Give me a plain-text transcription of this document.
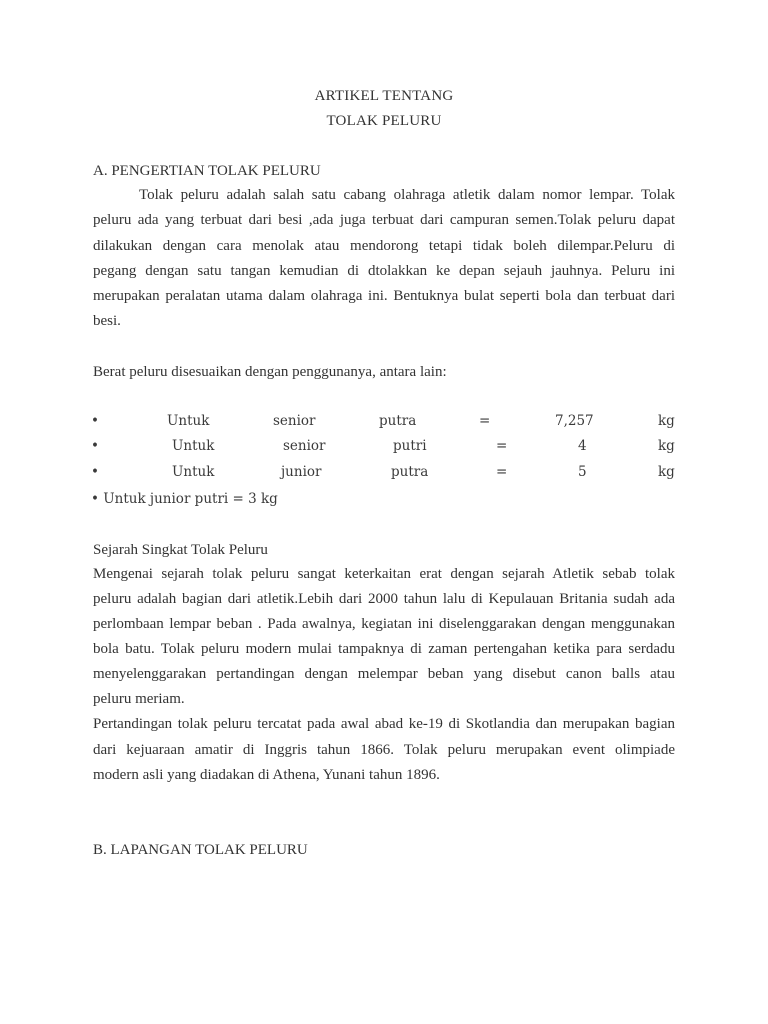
ARTIKEL TENTANG
TOLAK PELURU
A. PENGERTIAN TOLAK PELURU
Tolak peluru adalah salah satu cabang olahraga atletik dalam nomor lempar. Tolak
peluru ada yang terbuat dari besi ,ada juga terbuat dari campuran semen.Tolak peluru dapat
dilakukan dengan cara menolak atau mendorong tetapi tidak boleh dilempar.Peluru di
pegang dengan satu tangan kemudian di dtolakkan ke depan sejauh jauhnya. Peluru ini
merupakan peralatan utama dalam olahraga ini. Bentuknya bulat seperti bola dan terbuat dari
besi.
Berat peluru disesuaikan dengan penggunanya, antara lain:
•	Untuk	senior	putra	=	7,257	kg
•	Untuk	senior	putri	=	4	kg
•	Untuk	junior	putra	=	5	kg
• Untuk junior putri = 3 kg
Sejarah Singkat Tolak Peluru
Mengenai sejarah tolak peluru sangat keterkaitan erat dengan sejarah Atletik sebab tolak
peluru adalah bagian dari atletik.Lebih dari 2000 tahun lalu di Kepulauan Britania sudah ada
perlombaan lempar beban . Pada awalnya, kegiatan ini diselenggarakan dengan menggunakan
bola batu. Tolak peluru modern mulai tampaknya di zaman pertengahan ketika para serdadu
menyelenggarakan pertandingan dengan melempar beban yang disebut canon balls atau
peluru meriam.
Pertandingan tolak peluru tercatat pada awal abad ke-19 di Skotlandia dan merupakan bagian
dari kejuaraan amatir di Inggris tahun 1866. Tolak peluru merupakan event olimpiade
modern asli yang diadakan di Athena, Yunani tahun 1896.
B. LAPANGAN TOLAK PELURU
